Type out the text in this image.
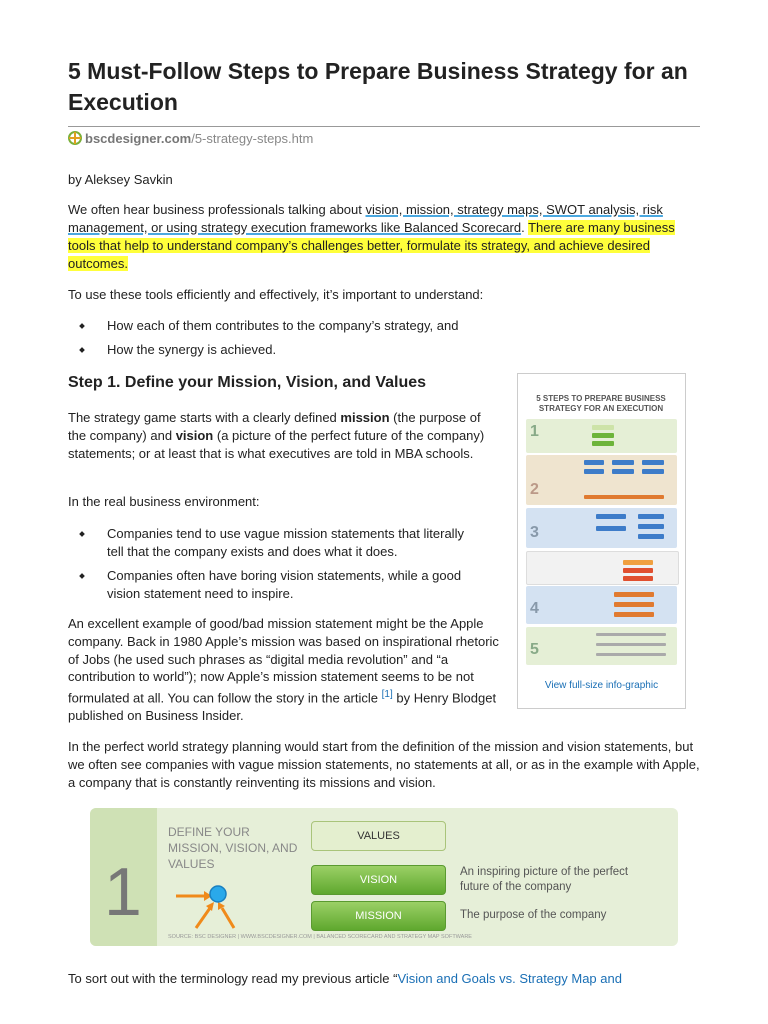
5 Must-Follow Steps to Prepare Business Strategy for an Execution
bscdesigner.com/5-strategy-steps.htm
by Aleksey Savkin

We often hear business professionals talking about vision, mission, strategy maps, SWOT analysis, risk management, or using strategy execution frameworks like Balanced Scorecard. There are many business tools that help to understand company’s challenges better, formulate its strategy, and achieve desired outcomes.

To use these tools efficiently and effectively, it’s important to understand:

How each of them contributes to the company’s strategy, and
How the synergy is achieved.
Step 1. Define your Mission, Vision, and Values

The strategy game starts with a clearly defined mission (the purpose of the company) and vision (a picture of the perfect future of the company) statements; or at least that is what executives are told in MBA schools.

In the real business environment:

Companies tend to use vague mission statements that literally tell that the company exists and does what it does.
Companies often have boring vision statements, while a good vision statement need to inspire.

An excellent example of good/bad mission statement might be the Apple company. Back in 1980 Apple’s mission was based on inspirational rhetoric of Jobs (he used such phrases as “digital media revolution” and “a contribution to world”); now Apple’s mission statement seems to be not formulated at all. You can follow the story in the article [1] by Henry Blodget published on Business Insider.

In the perfect world strategy planning would start from the definition of the mission and vision statements, but we often see companies with vague mission statements, no statements at all, or as in the example with Apple, a company that is constantly reinventing its missions and vision.

5 STEPS TO PREPARE BUSINESS STRATEGY FOR AN EXECUTION
1
2
3
4
5
View full-size info-graphic
1
DEFINE YOUR MISSION, VISION, AND VALUES
VALUES
VISION
MISSION
An inspiring picture of the perfect future of the company
The purpose of the company
SOURCE: BSC DESIGNER | WWW.BSCDESIGNER.COM | BALANCED SCORECARD AND STRATEGY MAP SOFTWARE

To sort out with the terminology read my previous article “Vision and Goals vs. Strategy Map and
